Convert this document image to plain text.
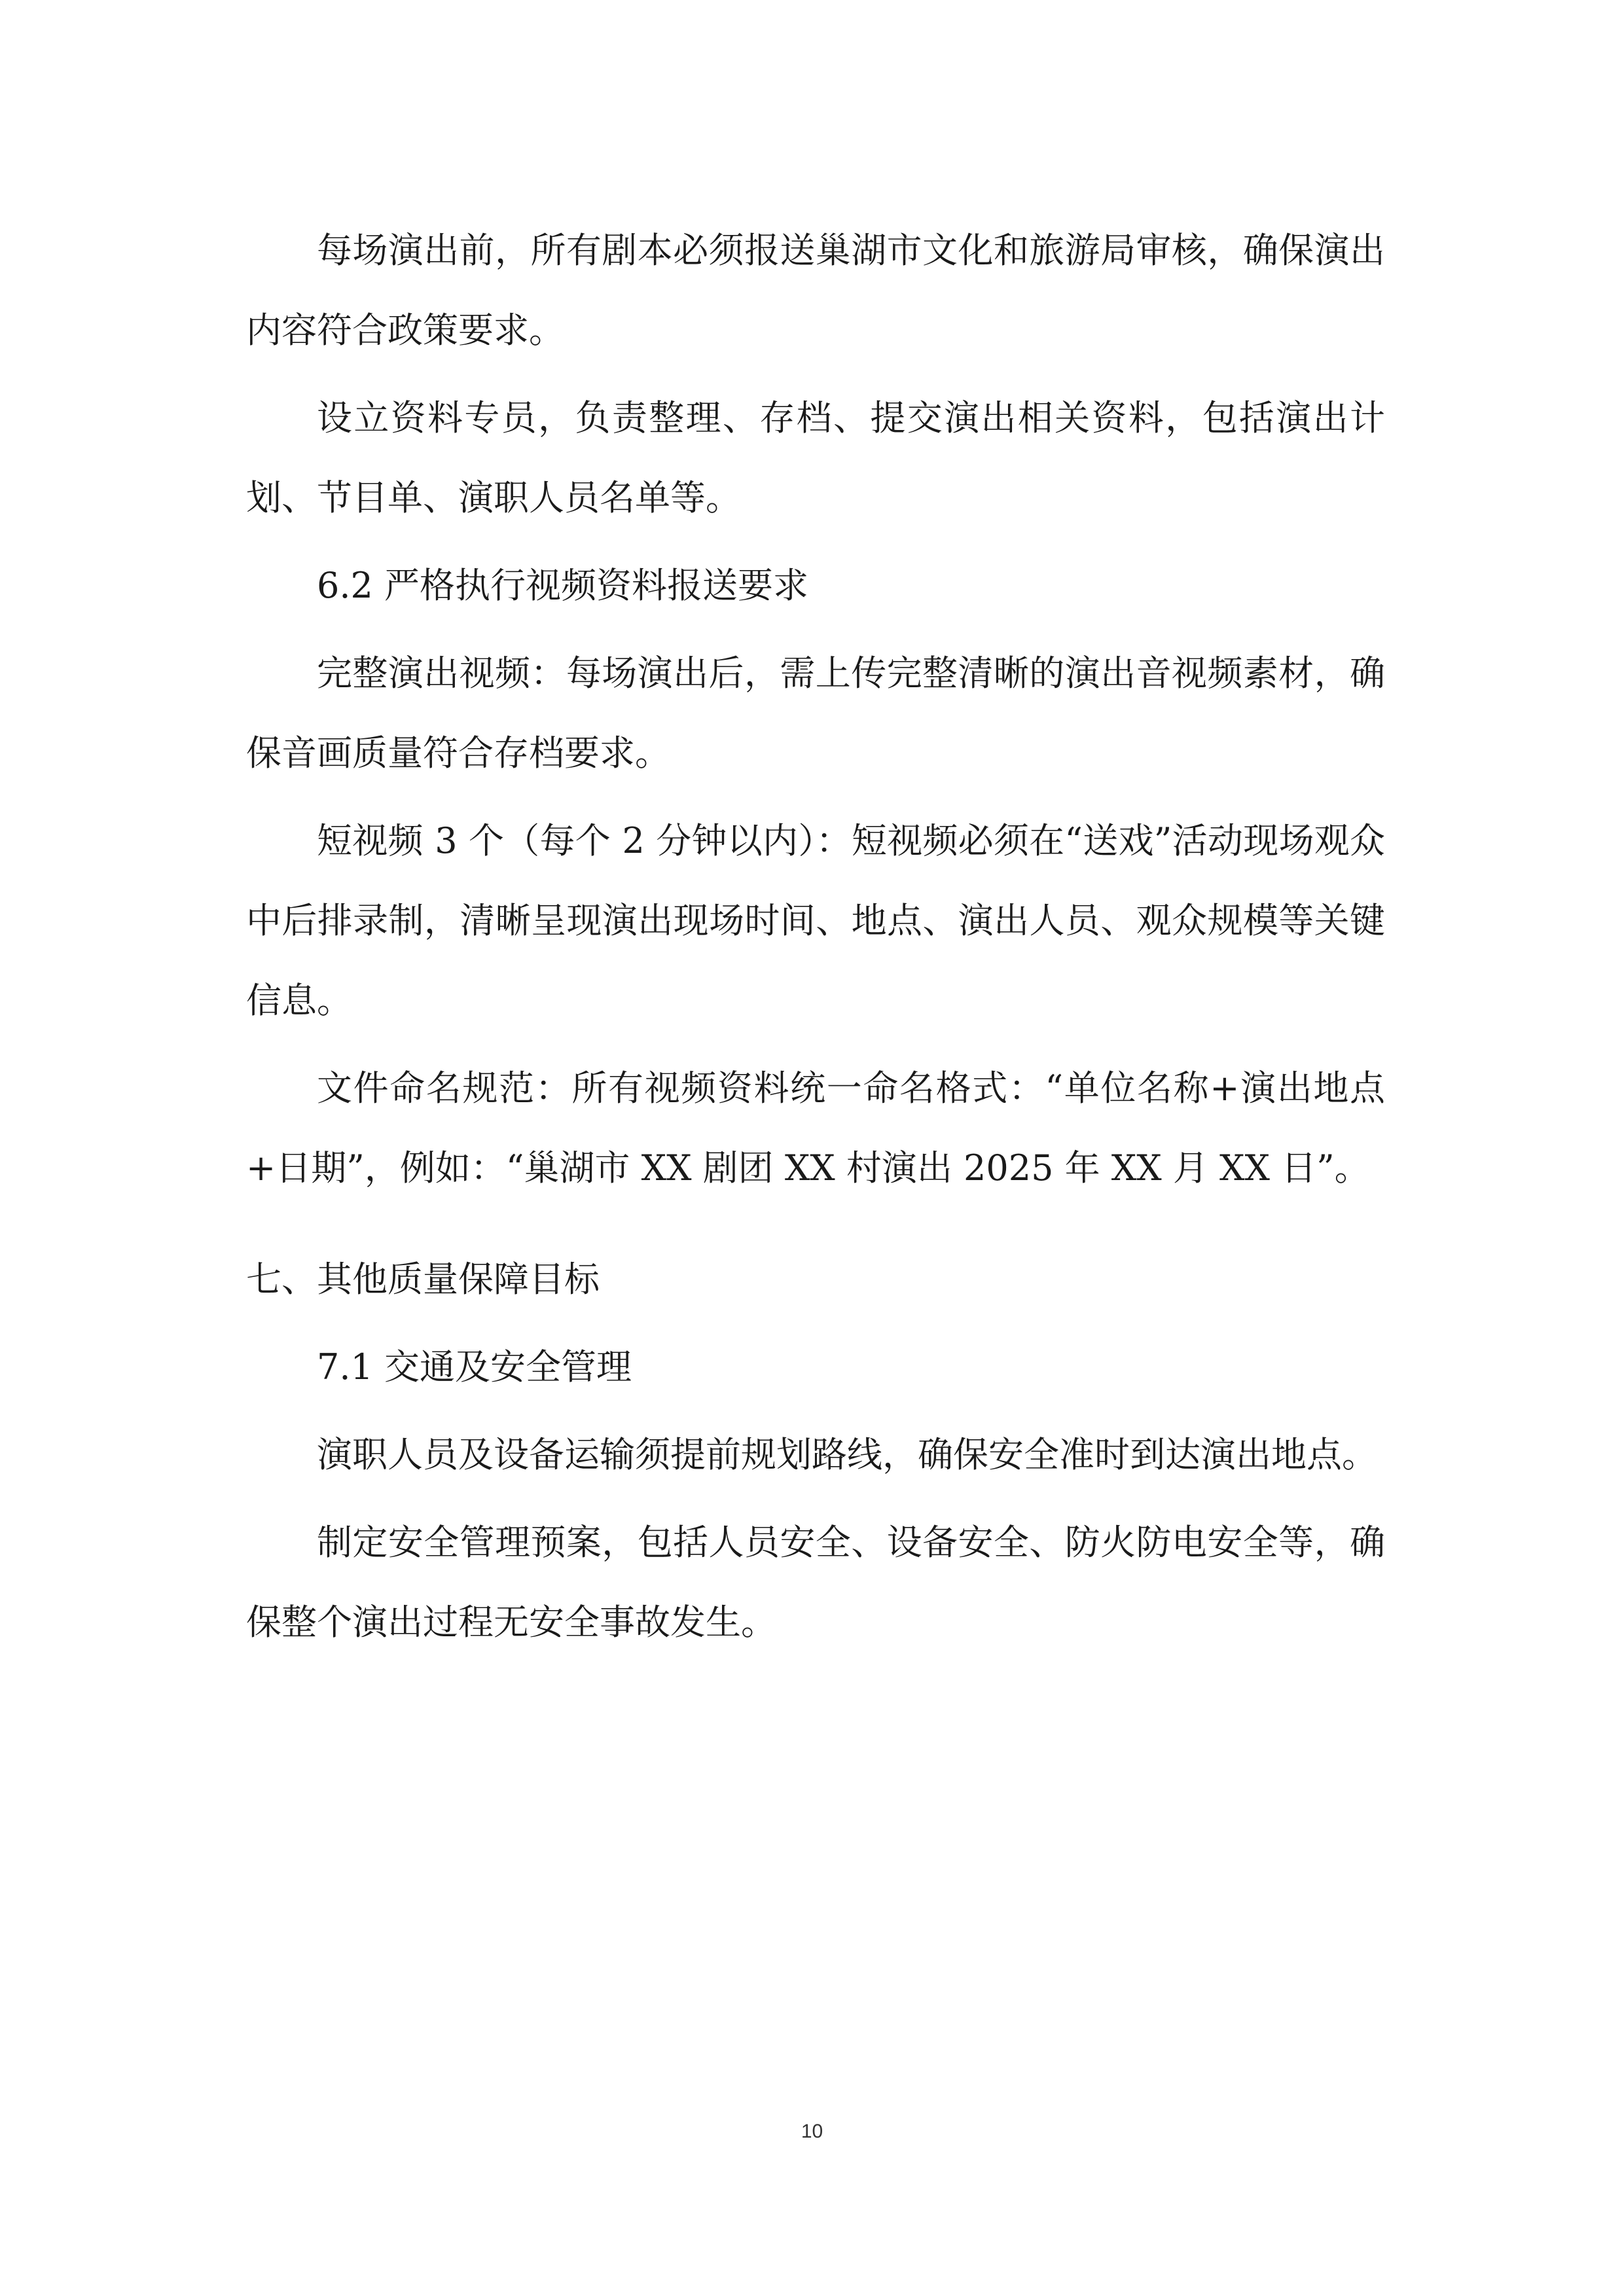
每场演出前，所有剧本必须报送巢湖市文化和旅游局审核，确保演出内容符合政策要求。

设立资料专员，负责整理、存档、提交演出相关资料，包括演出计划、节目单、演职人员名单等。

6.2 严格执行视频资料报送要求

完整演出视频：每场演出后，需上传完整清晰的演出音视频素材，确保音画质量符合存档要求。

短视频 3 个（每个 2 分钟以内）：短视频必须在“送戏”活动现场观众中后排录制，清晰呈现演出现场时间、地点、演出人员、观众规模等关键信息。

文件命名规范：所有视频资料统一命名格式：“单位名称+演出地点+日期”，例如：“巢湖市 XX 剧团 XX 村演出 2025 年 XX 月 XX 日”。

七、其他质量保障目标

7.1 交通及安全管理

演职人员及设备运输须提前规划路线，确保安全准时到达演出地点。

制定安全管理预案，包括人员安全、设备安全、防火防电安全等，确保整个演出过程无安全事故发生。

10
